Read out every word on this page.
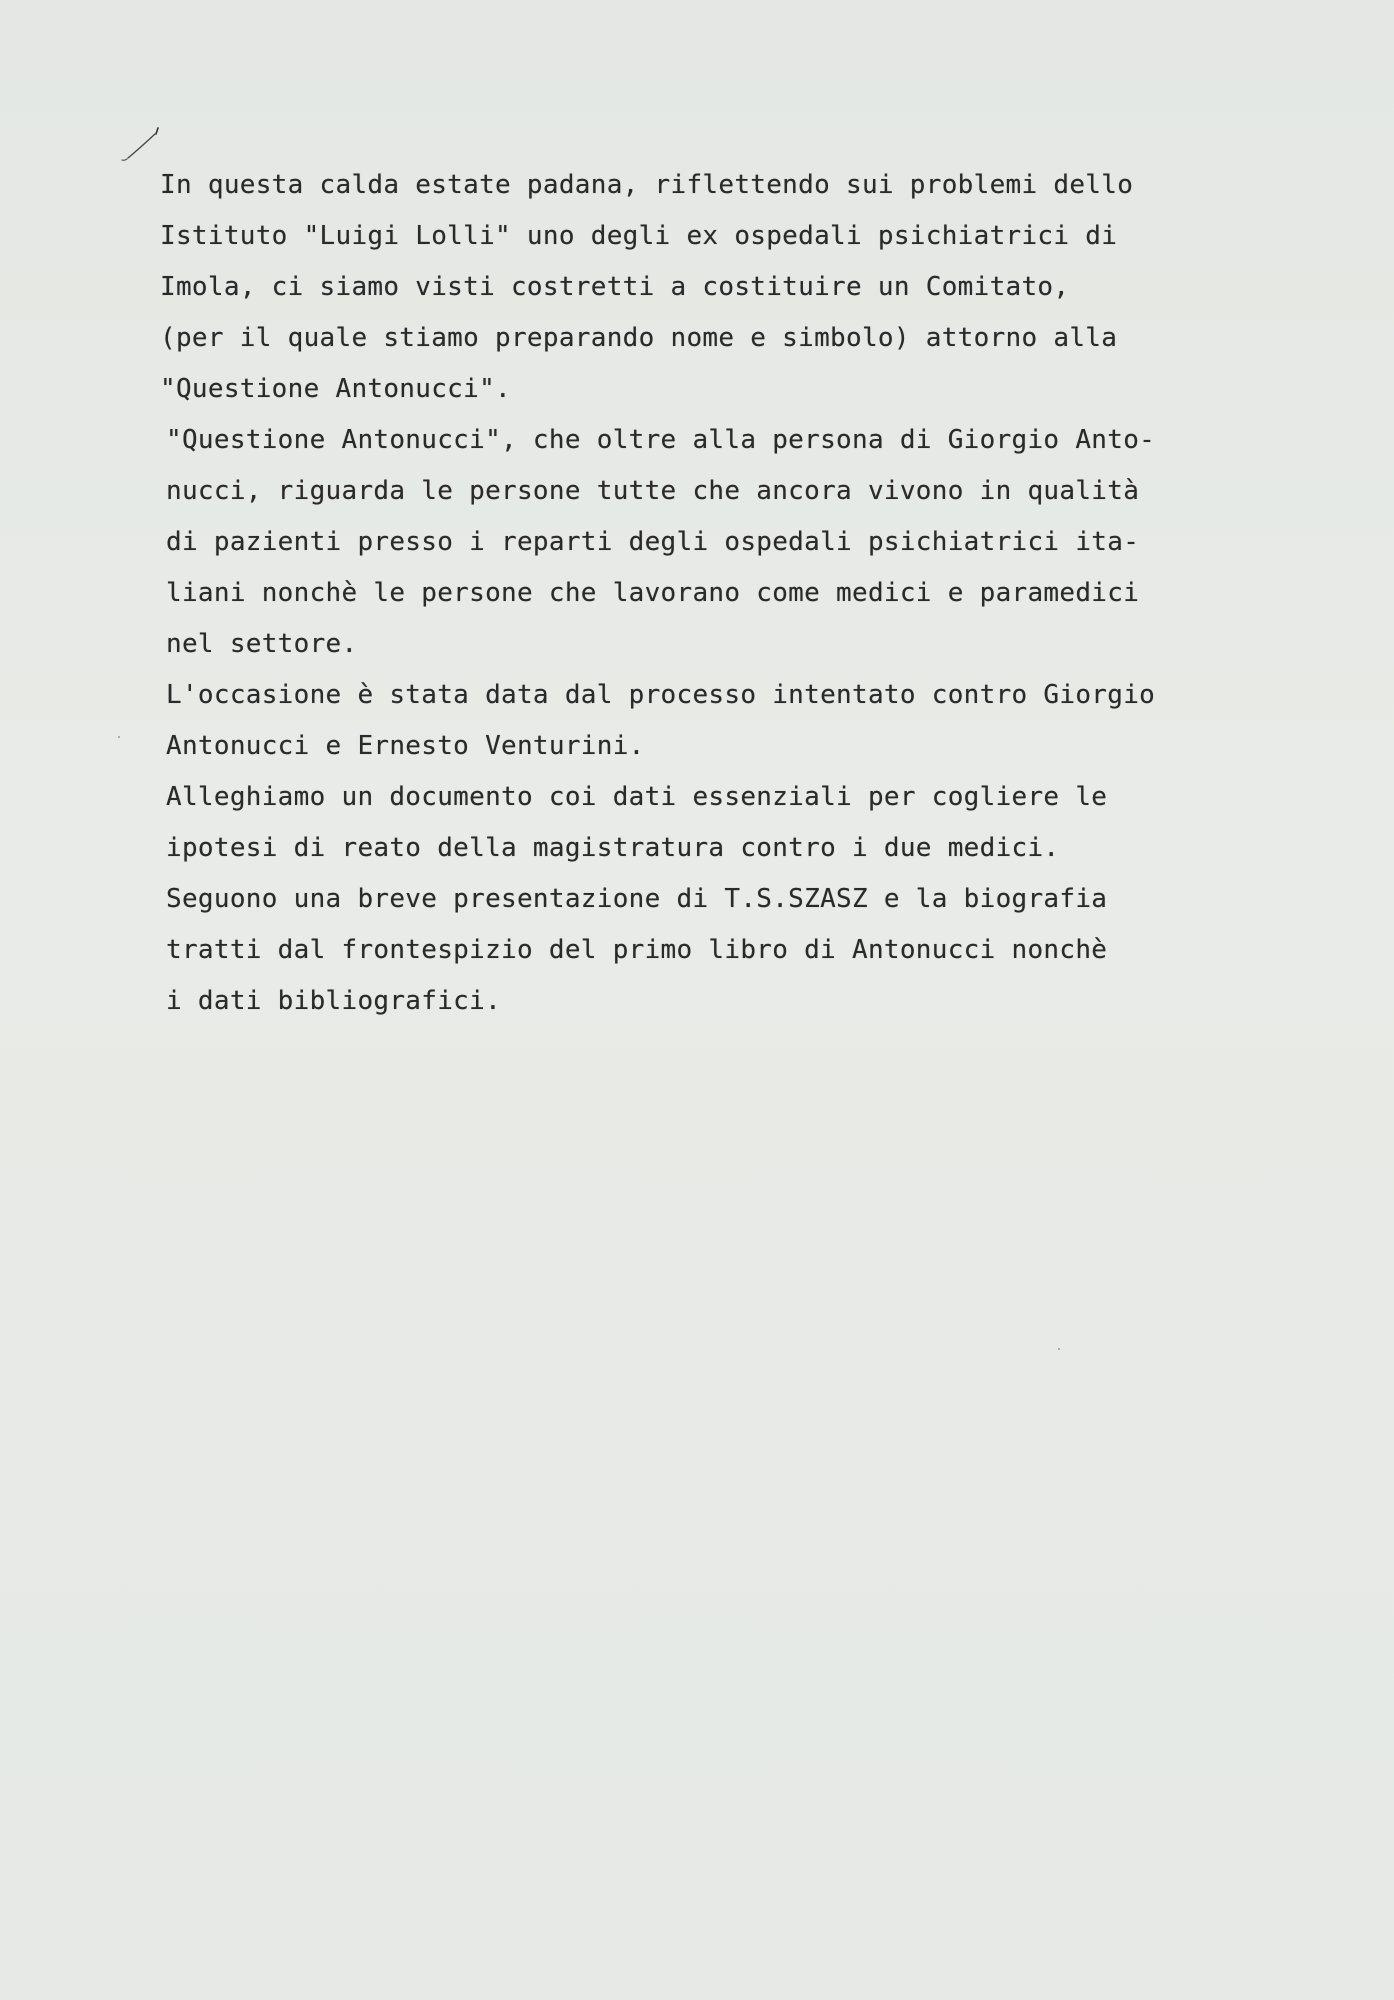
In questa calda estate padana, riflettendo sui problemi dello
Istituto "Luigi Lolli" uno degli ex ospedali psichiatrici di
Imola, ci siamo visti costretti a costituire un Comitato,
(per il quale stiamo preparando nome e simbolo) attorno alla
"Questione Antonucci".
"Questione Antonucci", che oltre alla persona di Giorgio Anto-
nucci, riguarda le persone tutte che ancora vivono in qualità
di pazienti presso i reparti degli ospedali psichiatrici ita-
liani nonchè le persone che lavorano come medici e paramedici
nel settore.
L'occasione è stata data dal processo intentato contro Giorgio
Antonucci e Ernesto Venturini.
Alleghiamo un documento coi dati essenziali per cogliere le
ipotesi di reato della magistratura contro i due medici.
Seguono una breve presentazione di T.S.SZASZ e la biografia
tratti dal frontespizio del primo libro di Antonucci nonchè
i dati bibliografici.
